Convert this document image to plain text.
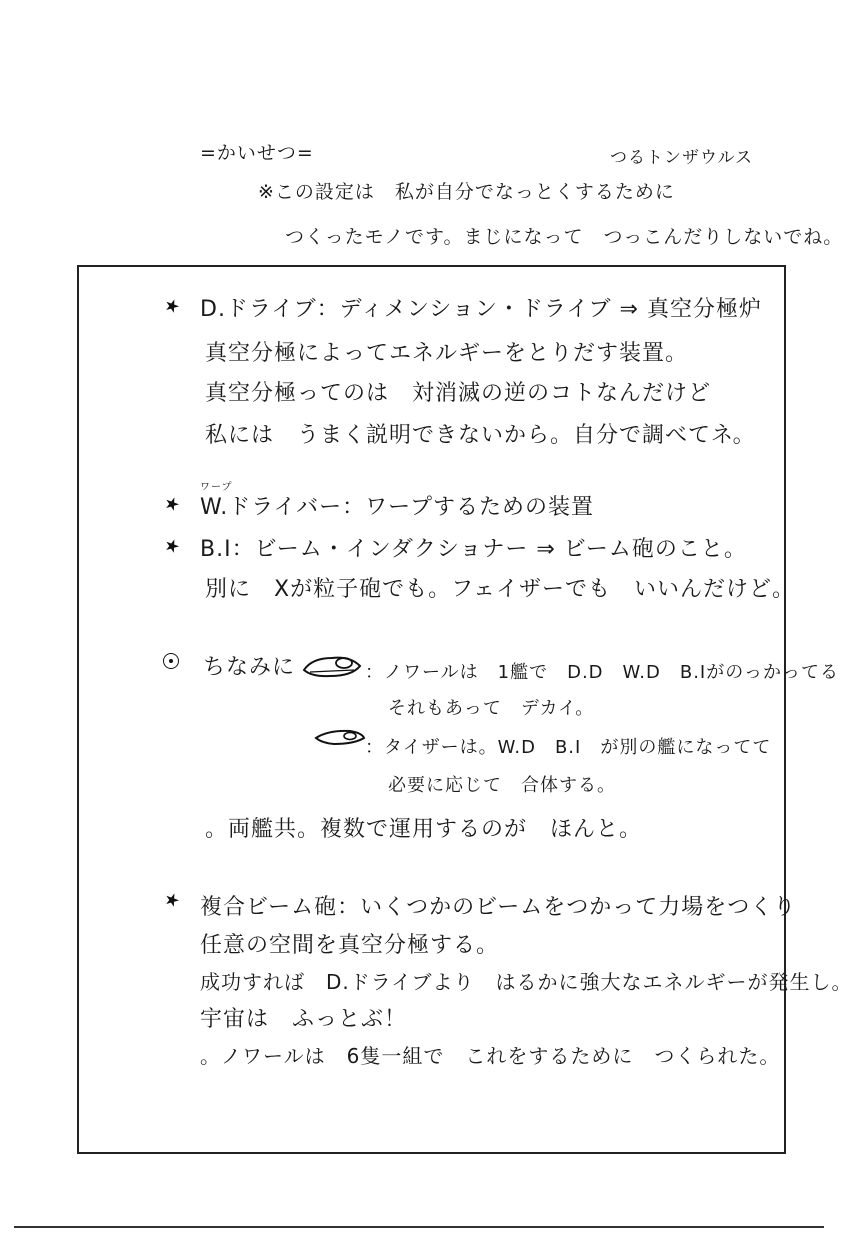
=かいせつ=	つるトンザウルス
※この設定は　私が自分でなっとくするために
つくったモノです。まじになって　つっこんだりしないでね。
D.ドライブ：ディメンション・ドライブ ⇒ 真空分極炉
真空分極によってエネルギーをとりだす装置。
真空分極ってのは　対消滅の逆のコトなんだけど
私には　うまく説明できないから。自分で調べてネ。
ワープ
W.ドライバー：ワープするための装置
B.I：ビーム・インダクショナー ⇒ ビーム砲のこと。
別に　Xが粒子砲でも。フェイザーでも　いいんだけど。
ちなみに	：ノワールは　1艦で　D.D　W.D　B.Iがのっかってる
それもあって　デカイ。
：タイザーは。W.D　B.I　が別の艦になってて
必要に応じて　合体する。
。両艦共。複数で運用するのが　ほんと。
複合ビーム砲：いくつかのビームをつかって力場をつくり
任意の空間を真空分極する。
成功すれば　D.ドライブより　はるかに強大なエネルギーが発生し。
宇宙は　ふっとぶ！
。ノワールは　6隻一組で　これをするために　つくられた。
